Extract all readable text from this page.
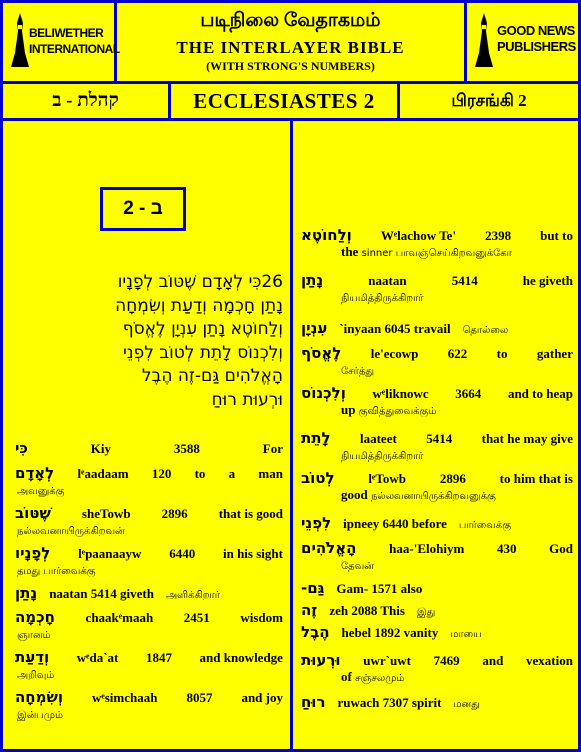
BELIWETHER
INTERNATIONAL
படிநிலை வேதாகமம்
THE INTERLAYER BIBLE
(WITH STRONG'S NUMBERS)
GOOD NEWS
PUBLISHERS
קהלת - ב	ECCLESIASTES 2	பிரசங்கி 2
2 - ב
26כִּי לְאָדָם שֶׁטּוֹב לְפָנָיו
נָתַן חָכְמָה וְדַעַת וְשִׂמְחָה
וְלַחוֹטֶא נָתַן עִנְיָן לֶאֱסֹף
וְלִכְנוֹס לָתֵת לְטוֹב לִפְנֵי
הָאֱלֹהִים גַּם-זֶה הֶבֶל
וּרְעוּת רוּחַ
כִּי	Kiy	3588	For
לְאָדָם lᵉaadaam 120 to a man
அவனுக்கு
שֶׁטּוֹב sheTowb 2896 that is good
நல்லவனாயிருக்கிறவன்
לְפָנָיו lᵉpaanaayw 6440 in his sight
தமது பார்வைக்கு
נָתַן naatan 5414 giveth அளிக்கிறார்
חָכְמָה chaakᵉmaah 2451 wisdom
ஞானம்
וְדַעַת wᵉda`at 1847 and knowledge
அறிவும்
וְשִׂמְחָה wᵉsimchaah 8057 and joy
இன்பமும்
וְלַחוֹטֶא Wᵉlachow Te' 2398 but to
the sinner பாவஞ்செய்கிறவனுக்கோ
נָתַן	naatan	5414	he giveth
நியமித்திருக்கிறார்
עִנְיָן `inyaan 6045 travail தொல்லை
לֶאֱסֹף le'ecowp 622 to gather
சேர்த்து
וְלִכְנוֹס wᵉliknowc 3664 and to heap
up குவித்துவைக்கும்
לָתֵת laateet 5414 that he may give
நியமித்திருக்கிறார்
לְטוֹב	lᵉTowb	2896	to him that is
good நல்லவனாயிருக்கிறவனுக்கு
לִפְנֵי ipneey 6440 before பார்வைக்கு
הָאֱלֹהִים	haa-'Elohiym	430	God
தேவன்
גַּם- Gam- 1571 also
זֶה zeh 2088 This இது
הֶבֶל hebel 1892 vanity மாயை
וּרְעוּת uwr`uwt 7469 and vexation
of சஞ்சலமும்
רוּחַ ruwach 7307 spirit மனது
